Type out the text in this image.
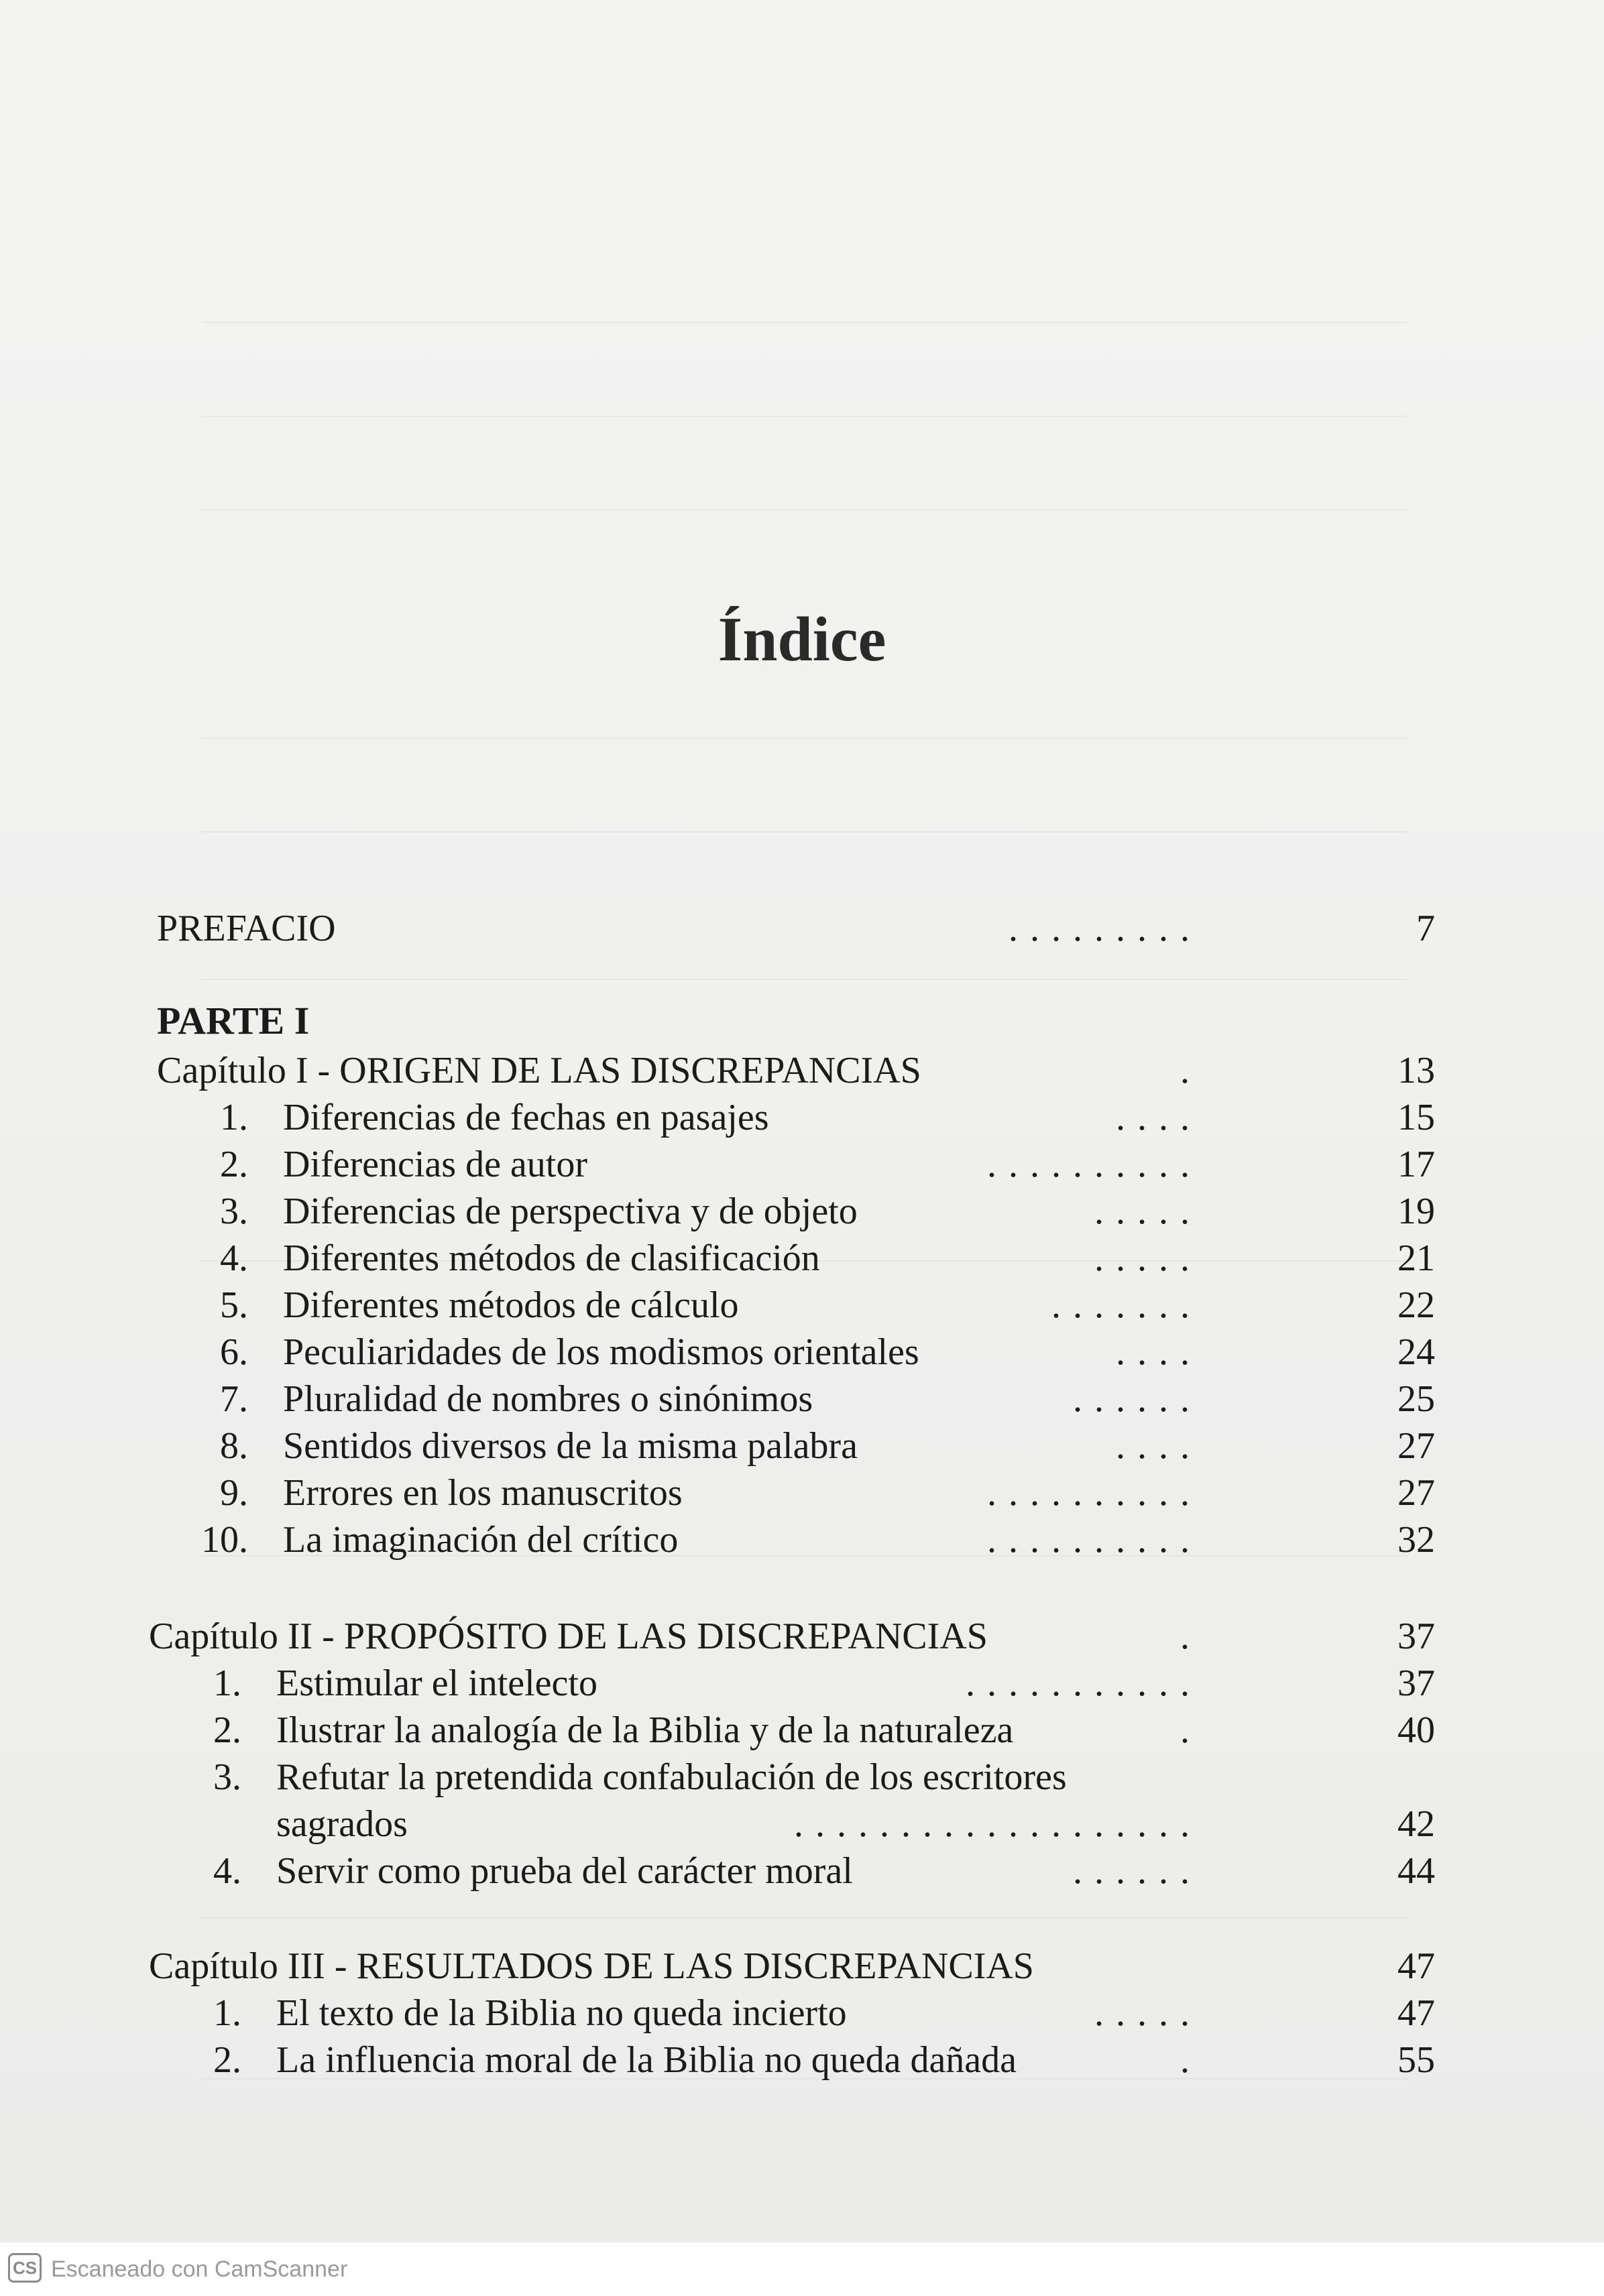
Índice
PREFACIO	.........	7
PARTE I
Capítulo I - ORIGEN DE LAS DISCREPANCIAS	.	13
1. Diferencias de fechas en pasajes	....	15
2. Diferencias de autor	..........	17
3. Diferencias de perspectiva y de objeto	.....	19
4. Diferentes métodos de clasificación	.....	21
5. Diferentes métodos de cálculo	.......	22
6. Peculiaridades de los modismos orientales	....	24
7. Pluralidad de nombres o sinónimos	......	25
8. Sentidos diversos de la misma palabra	....	27
9. Errores en los manuscritos	..........	27
10. La imaginación del crítico	..........	32
Capítulo II - PROPÓSITO DE LAS DISCREPANCIAS	.	37
1. Estimular el intelecto	...........	37
2. Ilustrar la analogía de la Biblia y de la naturaleza	.	40
3. Refutar la pretendida confabulación de los escritores
sagrados	...................	42
4. Servir como prueba del carácter moral	......	44
Capítulo III - RESULTADOS DE LAS DISCREPANCIAS	47
1. El texto de la Biblia no queda incierto	.....	47
2. La influencia moral de la Biblia no queda dañada	.	55
CS Escaneado con CamScanner
